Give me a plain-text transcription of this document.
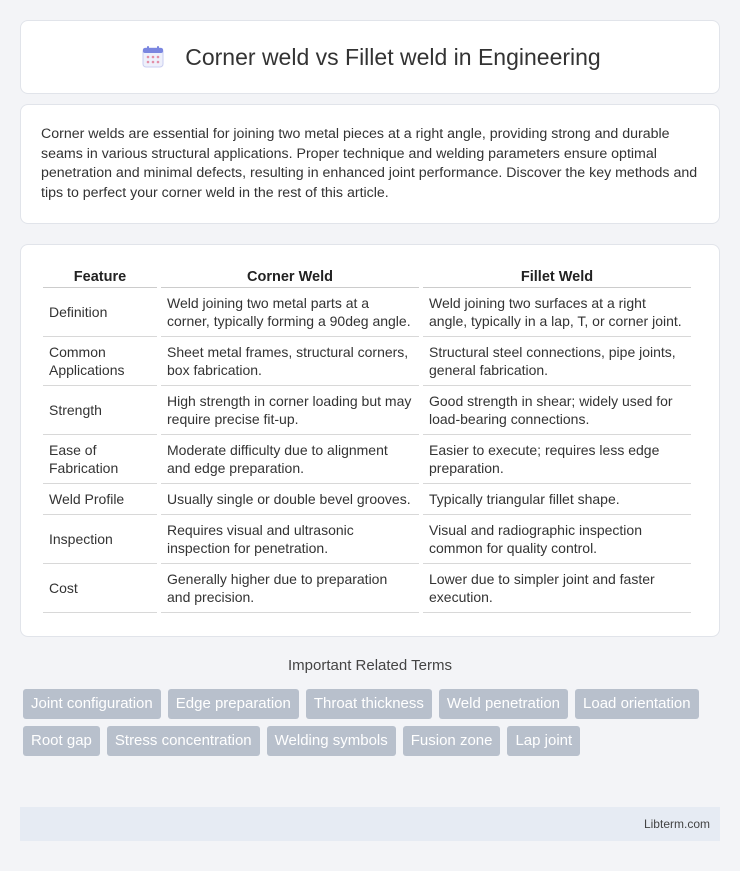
Corner weld vs Fillet weld in Engineering

Corner welds are essential for joining two metal pieces at a right angle, providing strong and durable seams in various structural applications. Proper technique and welding parameters ensure optimal penetration and minimal defects, resulting in enhanced joint performance. Discover the key methods and tips to perfect your corner weld in the rest of this article.

Feature	Corner Weld	Fillet Weld
Definition	Weld joining two metal parts at a corner, typically forming a 90deg angle.	Weld joining two surfaces at a right angle, typically in a lap, T, or corner joint.
Common Applications	Sheet metal frames, structural corners, box fabrication.	Structural steel connections, pipe joints, general fabrication.
Strength	High strength in corner loading but may require precise fit-up.	Good strength in shear; widely used for load-bearing connections.
Ease of Fabrication	Moderate difficulty due to alignment and edge preparation.	Easier to execute; requires less edge preparation.
Weld Profile	Usually single or double bevel grooves.	Typically triangular fillet shape.
Inspection	Requires visual and ultrasonic inspection for penetration.	Visual and radiographic inspection common for quality control.
Cost	Generally higher due to preparation and precision.	Lower due to simpler joint and faster execution.
Important Related Terms
Joint configuration	Edge preparation	Throat thickness	Weld penetration	Load orientation
Root gap	Stress concentration	Welding symbols	Fusion zone	Lap joint
Libterm.com
